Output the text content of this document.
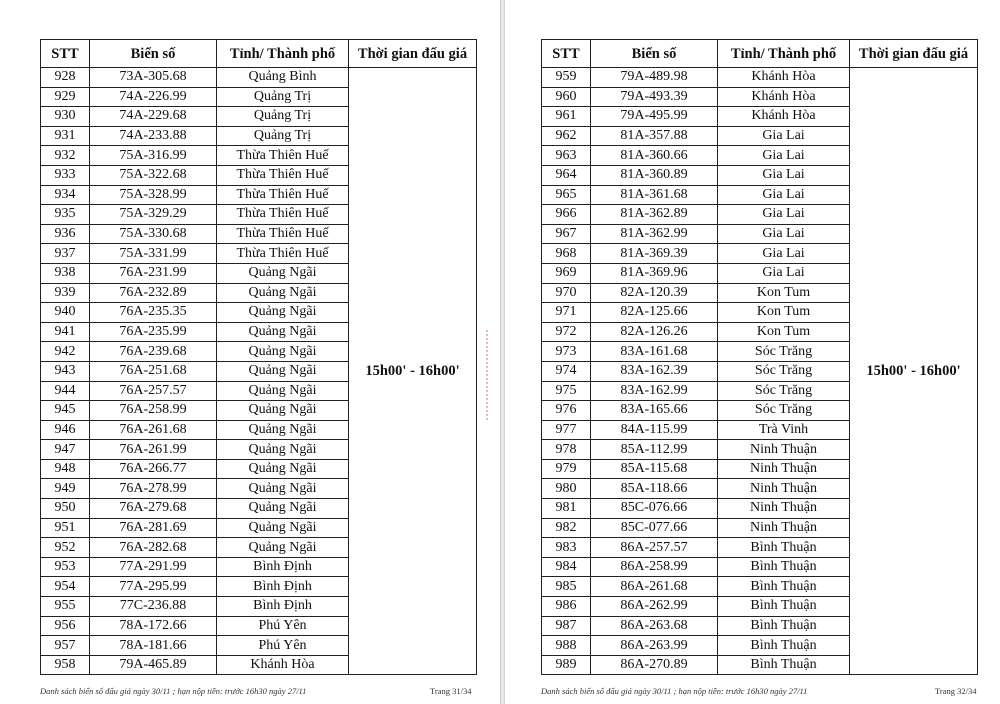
STT	Biển số	Tỉnh/ Thành phố	Thời gian đấu giá
928	73A-305.68	Quảng Bình	15h00' - 16h00'
929	74A-226.99	Quảng Trị	
930	74A-229.68	Quảng Trị	
931	74A-233.88	Quảng Trị	
932	75A-316.99	Thừa Thiên Huế	
933	75A-322.68	Thừa Thiên Huế	
934	75A-328.99	Thừa Thiên Huế	
935	75A-329.29	Thừa Thiên Huế	
936	75A-330.68	Thừa Thiên Huế	
937	75A-331.99	Thừa Thiên Huế	
938	76A-231.99	Quảng Ngãi	
939	76A-232.89	Quảng Ngãi	
940	76A-235.35	Quảng Ngãi	
941	76A-235.99	Quảng Ngãi	
942	76A-239.68	Quảng Ngãi	
943	76A-251.68	Quảng Ngãi	
944	76A-257.57	Quảng Ngãi	
945	76A-258.99	Quảng Ngãi	
946	76A-261.68	Quảng Ngãi	
947	76A-261.99	Quảng Ngãi	
948	76A-266.77	Quảng Ngãi	
949	76A-278.99	Quảng Ngãi	
950	76A-279.68	Quảng Ngãi	
951	76A-281.69	Quảng Ngãi	
952	76A-282.68	Quảng Ngãi	
953	77A-291.99	Bình Định	
954	77A-295.99	Bình Định	
955	77C-236.88	Bình Định	
956	78A-172.66	Phú Yên	
957	78A-181.66	Phú Yên	
958	79A-465.89	Khánh Hòa	
Danh sách biển số đấu giá ngày 30/11 ; hạn nộp tiền: trước 16h30 ngày 27/11	Trang 31/34
STT	Biển số	Tỉnh/ Thành phố	Thời gian đấu giá
959	79A-489.98	Khánh Hòa	15h00' - 16h00'
960	79A-493.39	Khánh Hòa	
961	79A-495.99	Khánh Hòa	
962	81A-357.88	Gia Lai	
963	81A-360.66	Gia Lai	
964	81A-360.89	Gia Lai	
965	81A-361.68	Gia Lai	
966	81A-362.89	Gia Lai	
967	81A-362.99	Gia Lai	
968	81A-369.39	Gia Lai	
969	81A-369.96	Gia Lai	
970	82A-120.39	Kon Tum	
971	82A-125.66	Kon Tum	
972	82A-126.26	Kon Tum	
973	83A-161.68	Sóc Trăng	
974	83A-162.39	Sóc Trăng	
975	83A-162.99	Sóc Trăng	
976	83A-165.66	Sóc Trăng	
977	84A-115.99	Trà Vinh	
978	85A-112.99	Ninh Thuận	
979	85A-115.68	Ninh Thuận	
980	85A-118.66	Ninh Thuận	
981	85C-076.66	Ninh Thuận	
982	85C-077.66	Ninh Thuận	
983	86A-257.57	Bình Thuận	
984	86A-258.99	Bình Thuận	
985	86A-261.68	Bình Thuận	
986	86A-262.99	Bình Thuận	
987	86A-263.68	Bình Thuận	
988	86A-263.99	Bình Thuận	
989	86A-270.89	Bình Thuận	
Danh sách biển số đấu giá ngày 30/11 ; hạn nộp tiền: trước 16h30 ngày 27/11	Trang 32/34
